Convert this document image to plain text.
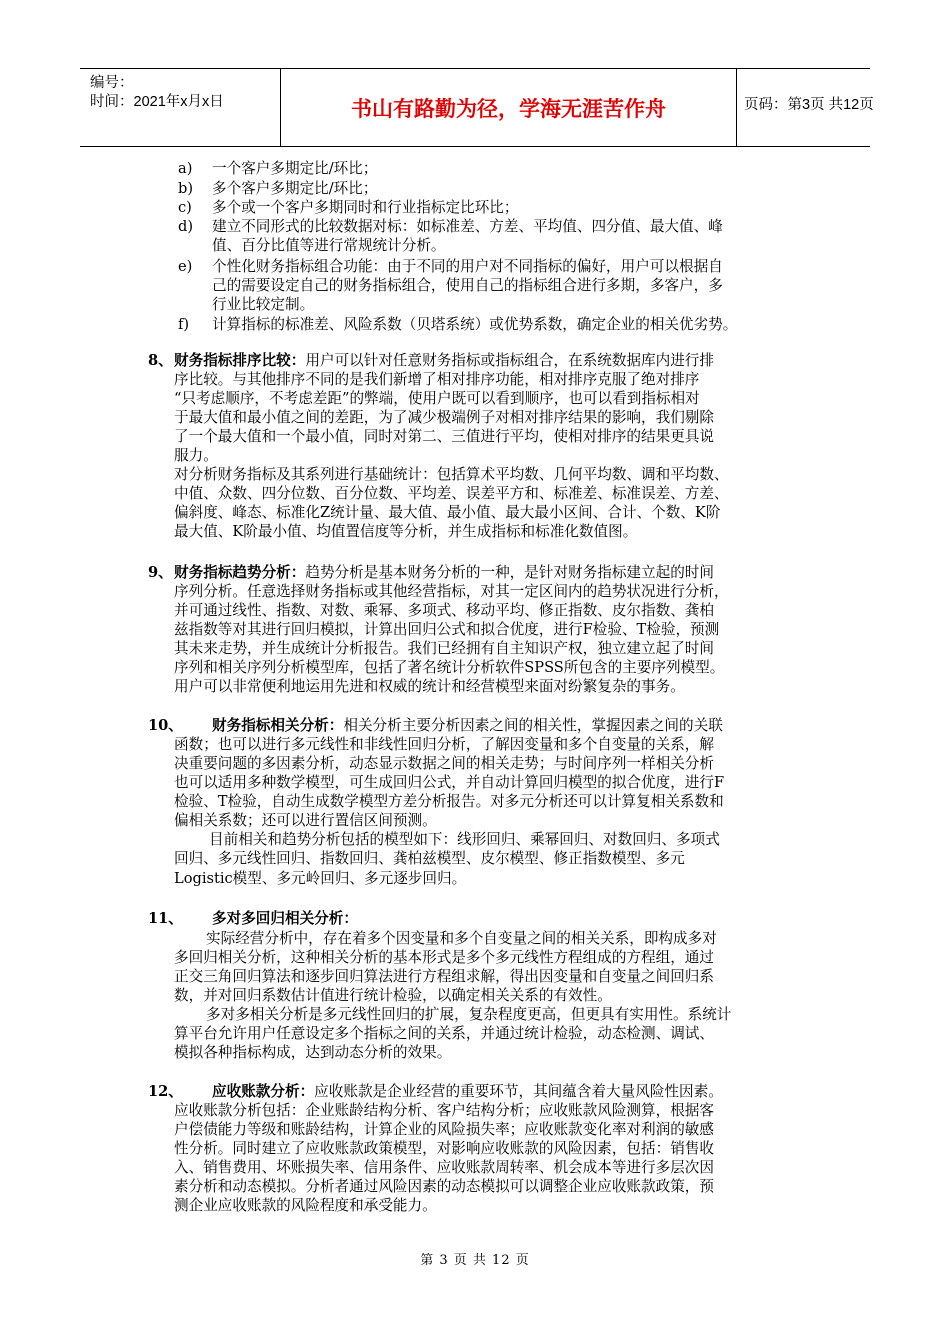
编号：
时间：2021年x月x日	书山有路勤为径，学海无涯苦作舟	页码：第3页 共12页
a) 一个客户多期定比/环比；
b) 多个客户多期定比/环比；
c) 多个或一个客户多期同时和行业指标定比环比；
d) 建立不同形式的比较数据对标：如标准差、方差、平均值、四分值、最大值、峰
值、百分比值等进行常规统计分析。
e) 个性化财务指标组合功能：由于不同的用户对不同指标的偏好，用户可以根据自
己的需要设定自己的财务指标组合，使用自己的指标组合进行多期，多客户，多
行业比较定制。
f) 计算指标的标准差、风险系数（贝塔系统）或优势系数，确定企业的相关优劣势。
8、 财务指标排序比较：用户可以针对任意财务指标或指标组合，在系统数据库内进行排
序比较。与其他排序不同的是我们新增了相对排序功能，相对排序克服了绝对排序
“只考虑顺序，不考虑差距”的弊端，使用户既可以看到顺序，也可以看到指标相对
于最大值和最小值之间的差距，为了减少极端例子对相对排序结果的影响，我们剔除
了一个最大值和一个最小值，同时对第二、三值进行平均，使相对排序的结果更具说
服力。
对分析财务指标及其系列进行基础统计：包括算术平均数、几何平均数、调和平均数、
中值、众数、四分位数、百分位数、平均差、误差平方和、标准差、标准误差、方差、
偏斜度、峰态、标准化Z统计量、最大值、最小值、最大最小区间、合计、个数、K阶
最大值、K阶最小值、均值置信度等分析，并生成指标和标准化数值图。
9、 财务指标趋势分析：趋势分析是基本财务分析的一种，是针对财务指标建立起的时间
序列分析。任意选择财务指标或其他经营指标，对其一定区间内的趋势状况进行分析，
并可通过线性、指数、对数、乘幂、多项式、移动平均、修正指数、皮尔指数、龚柏
兹指数等对其进行回归模拟，计算出回归公式和拟合优度，进行F检验、T检验，预测
其未来走势，并生成统计分析报告。我们已经拥有自主知识产权，独立建立起了时间
序列和相关序列分析模型库，包括了著名统计分析软件SPSS所包含的主要序列模型。
用户可以非常便利地运用先进和权威的统计和经营模型来面对纷繁复杂的事务。
10、 财务指标相关分析：相关分析主要分析因素之间的相关性，掌握因素之间的关联
函数；也可以进行多元线性和非线性回归分析，了解因变量和多个自变量的关系，解
决重要问题的多因素分析，动态显示数据之间的相关走势；与时间序列一样相关分析
也可以适用多种数学模型，可生成回归公式，并自动计算回归模型的拟合优度，进行F
检验、T检验，自动生成数学模型方差分析报告。对多元分析还可以计算复相关系数和
偏相关系数；还可以进行置信区间预测。
目前相关和趋势分析包括的模型如下：线形回归、乘幂回归、对数回归、多项式
回归、多元线性回归、指数回归、龚柏兹模型、皮尔模型、修正指数模型、多元
Logistic模型、多元岭回归、多元逐步回归。
11、 多对多回归相关分析：
实际经营分析中，存在着多个因变量和多个自变量之间的相关关系，即构成多对
多回归相关分析，这种相关分析的基本形式是多个多元线性方程组成的方程组，通过
正交三角回归算法和逐步回归算法进行方程组求解，得出因变量和自变量之间回归系
数，并对回归系数估计值进行统计检验，以确定相关关系的有效性。
多对多相关分析是多元线性回归的扩展，复杂程度更高，但更具有实用性。系统计
算平台允许用户任意设定多个指标之间的关系，并通过统计检验，动态检测、调试、
模拟各种指标构成，达到动态分析的效果。
12、 应收账款分析：应收账款是企业经营的重要环节，其间蕴含着大量风险性因素。
应收账款分析包括：企业账龄结构分析、客户结构分析；应收账款风险测算，根据客
户偿债能力等级和账龄结构，计算企业的风险损失率；应收账款变化率对利润的敏感
性分析。同时建立了应收账款政策模型，对影响应收账款的风险因素，包括：销售收
入、销售费用、坏账损失率、信用条件、应收账款周转率、机会成本等进行多层次因
素分析和动态模拟。分析者通过风险因素的动态模拟可以调整企业应收账款政策，预
测企业应收账款的风险程度和承受能力。
第 3 页 共 12 页
